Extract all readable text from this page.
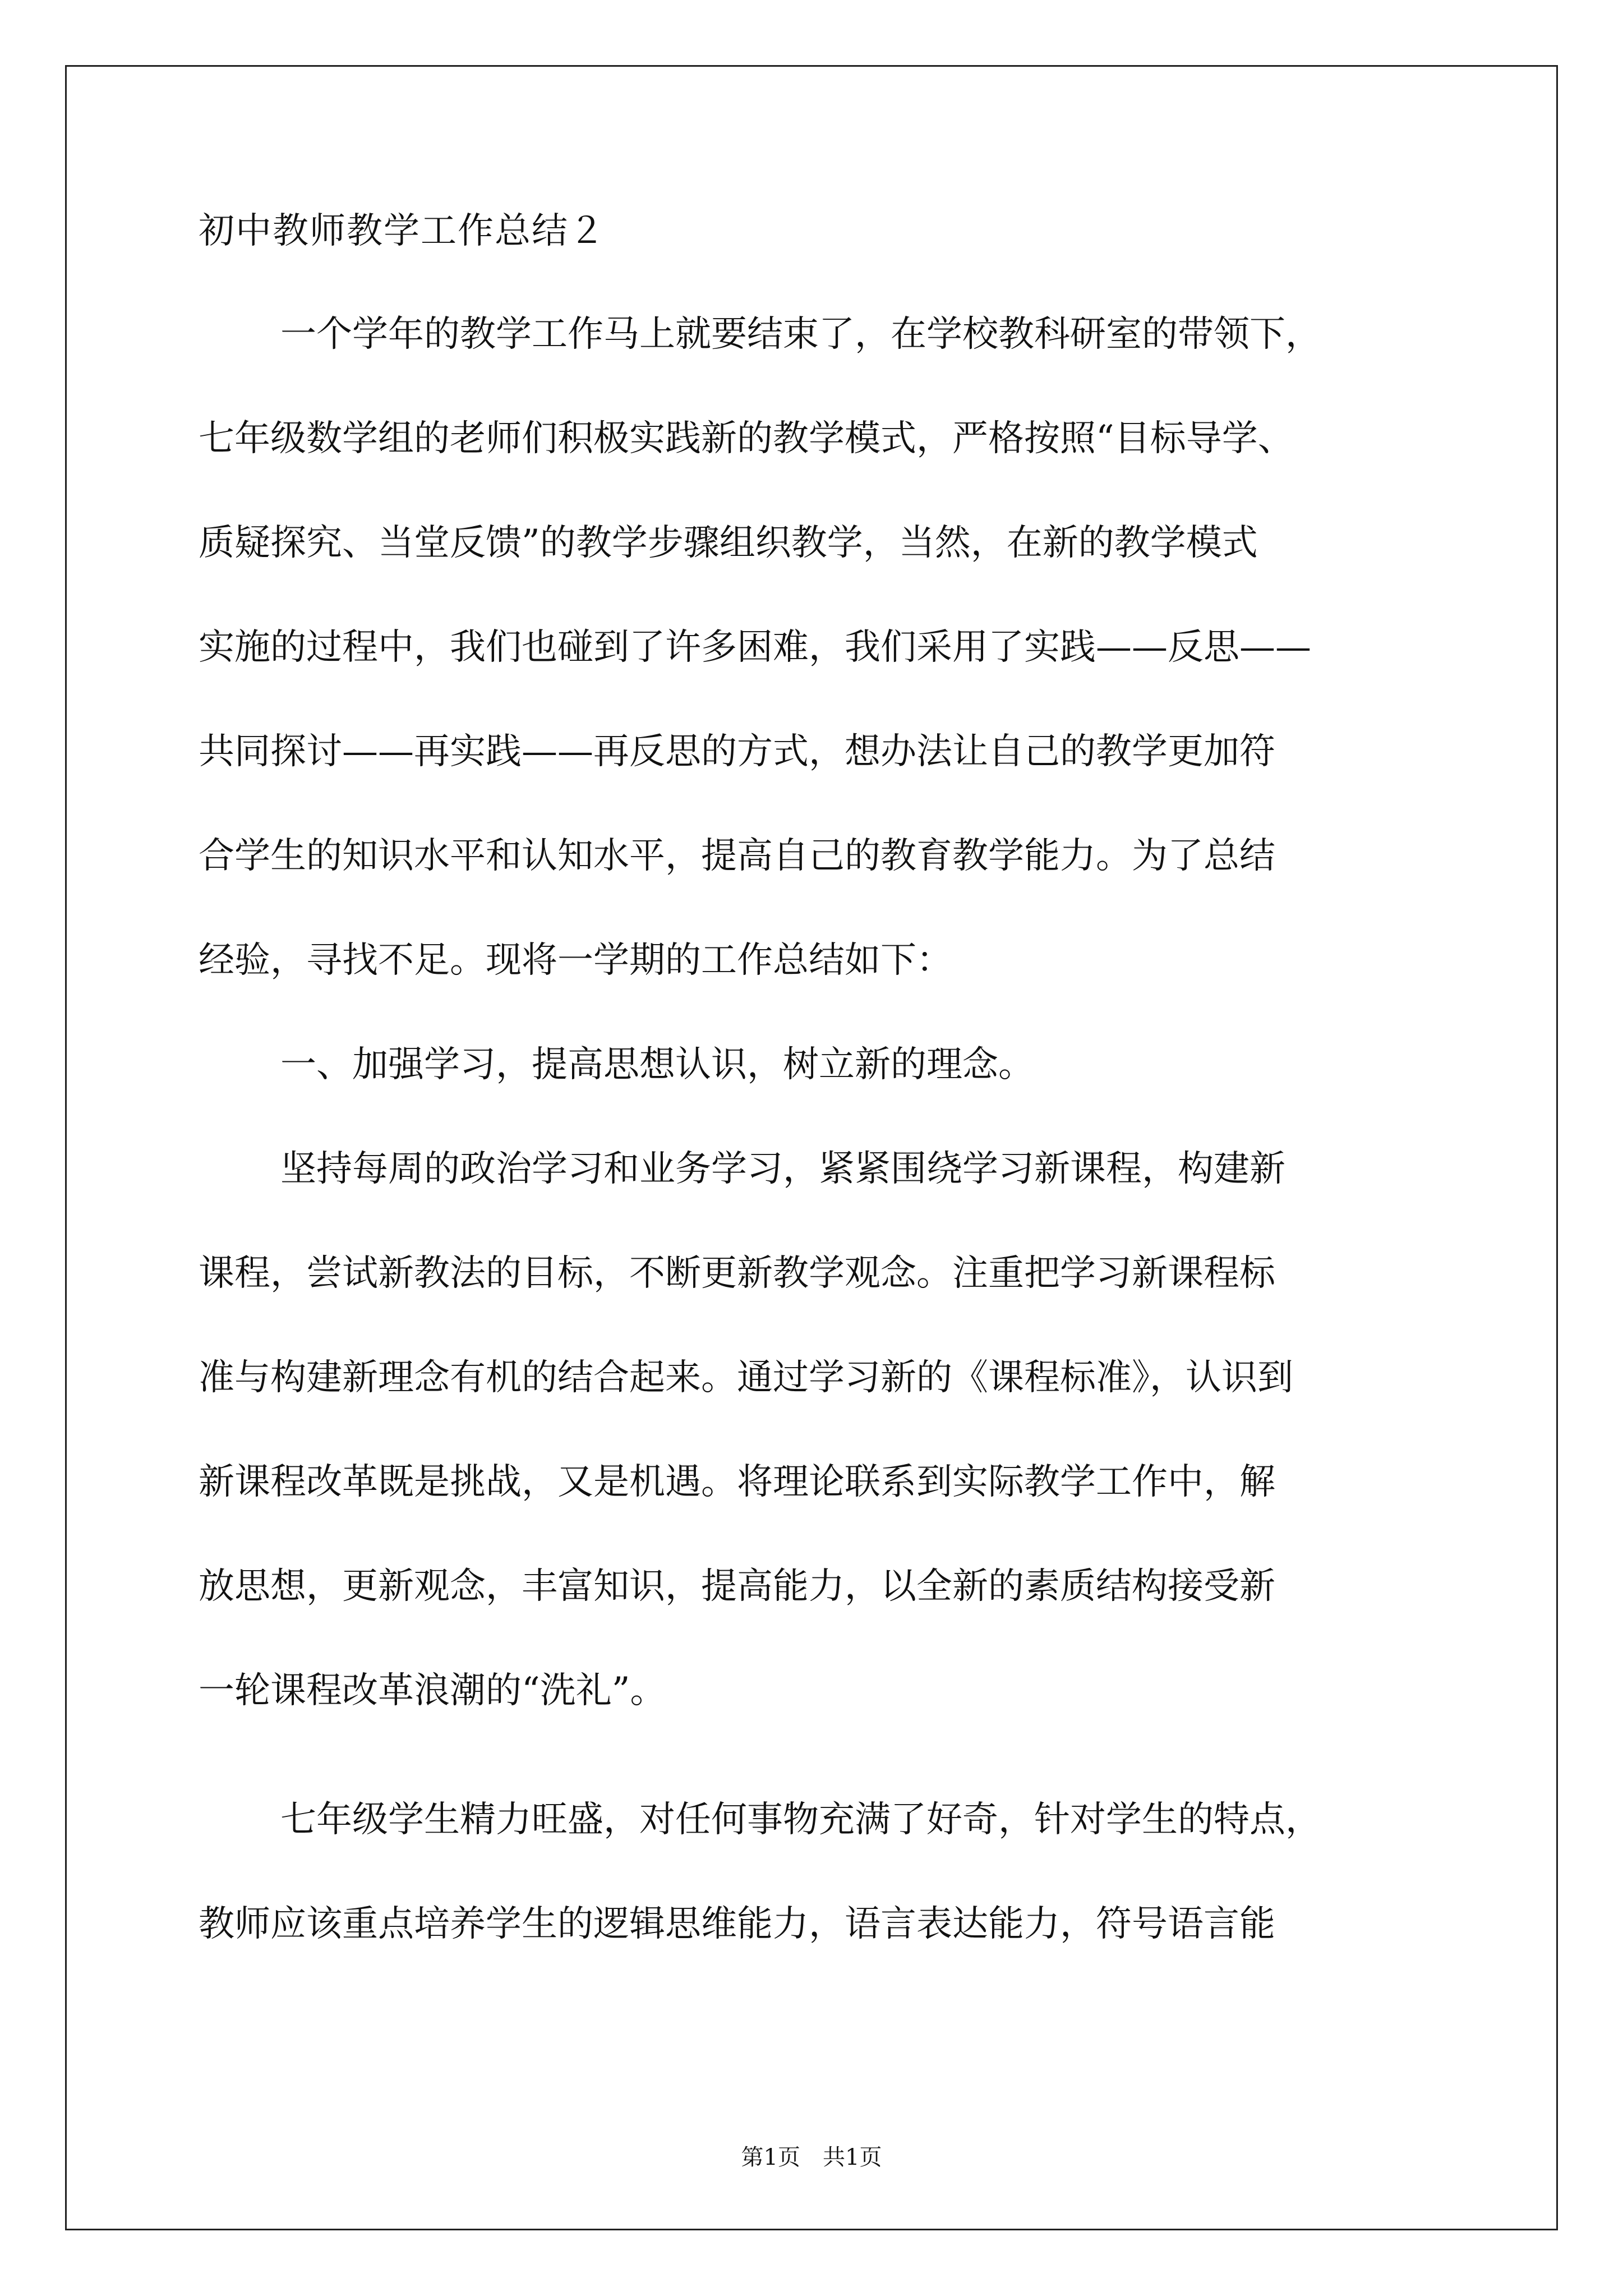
初中教师教学工作总结２
一个学年的教学工作马上就要结束了，在学校教科研室的带领下，
七年级数学组的老师们积极实践新的教学模式，严格按照“目标导学、
质疑探究、当堂反馈”的教学步骤组织教学，当然，在新的教学模式
实施的过程中，我们也碰到了许多困难，我们采用了实践——反思——
共同探讨——再实践——再反思的方式，想办法让自己的教学更加符
合学生的知识水平和认知水平，提高自己的教育教学能力。为了总结
经验，寻找不足。现将一学期的工作总结如下：
一、加强学习，提高思想认识，树立新的理念。
坚持每周的政治学习和业务学习，紧紧围绕学习新课程，构建新
课程，尝试新教法的目标，不断更新教学观念。注重把学习新课程标
准与构建新理念有机的结合起来。通过学习新的《课程标准》，认识到
新课程改革既是挑战，又是机遇。将理论联系到实际教学工作中，解
放思想，更新观念，丰富知识，提高能力，以全新的素质结构接受新
一轮课程改革浪潮的“洗礼”。
七年级学生精力旺盛，对任何事物充满了好奇，针对学生的特点，
教师应该重点培养学生的逻辑思维能力，语言表达能力，符号语言能
第1页 共1页
